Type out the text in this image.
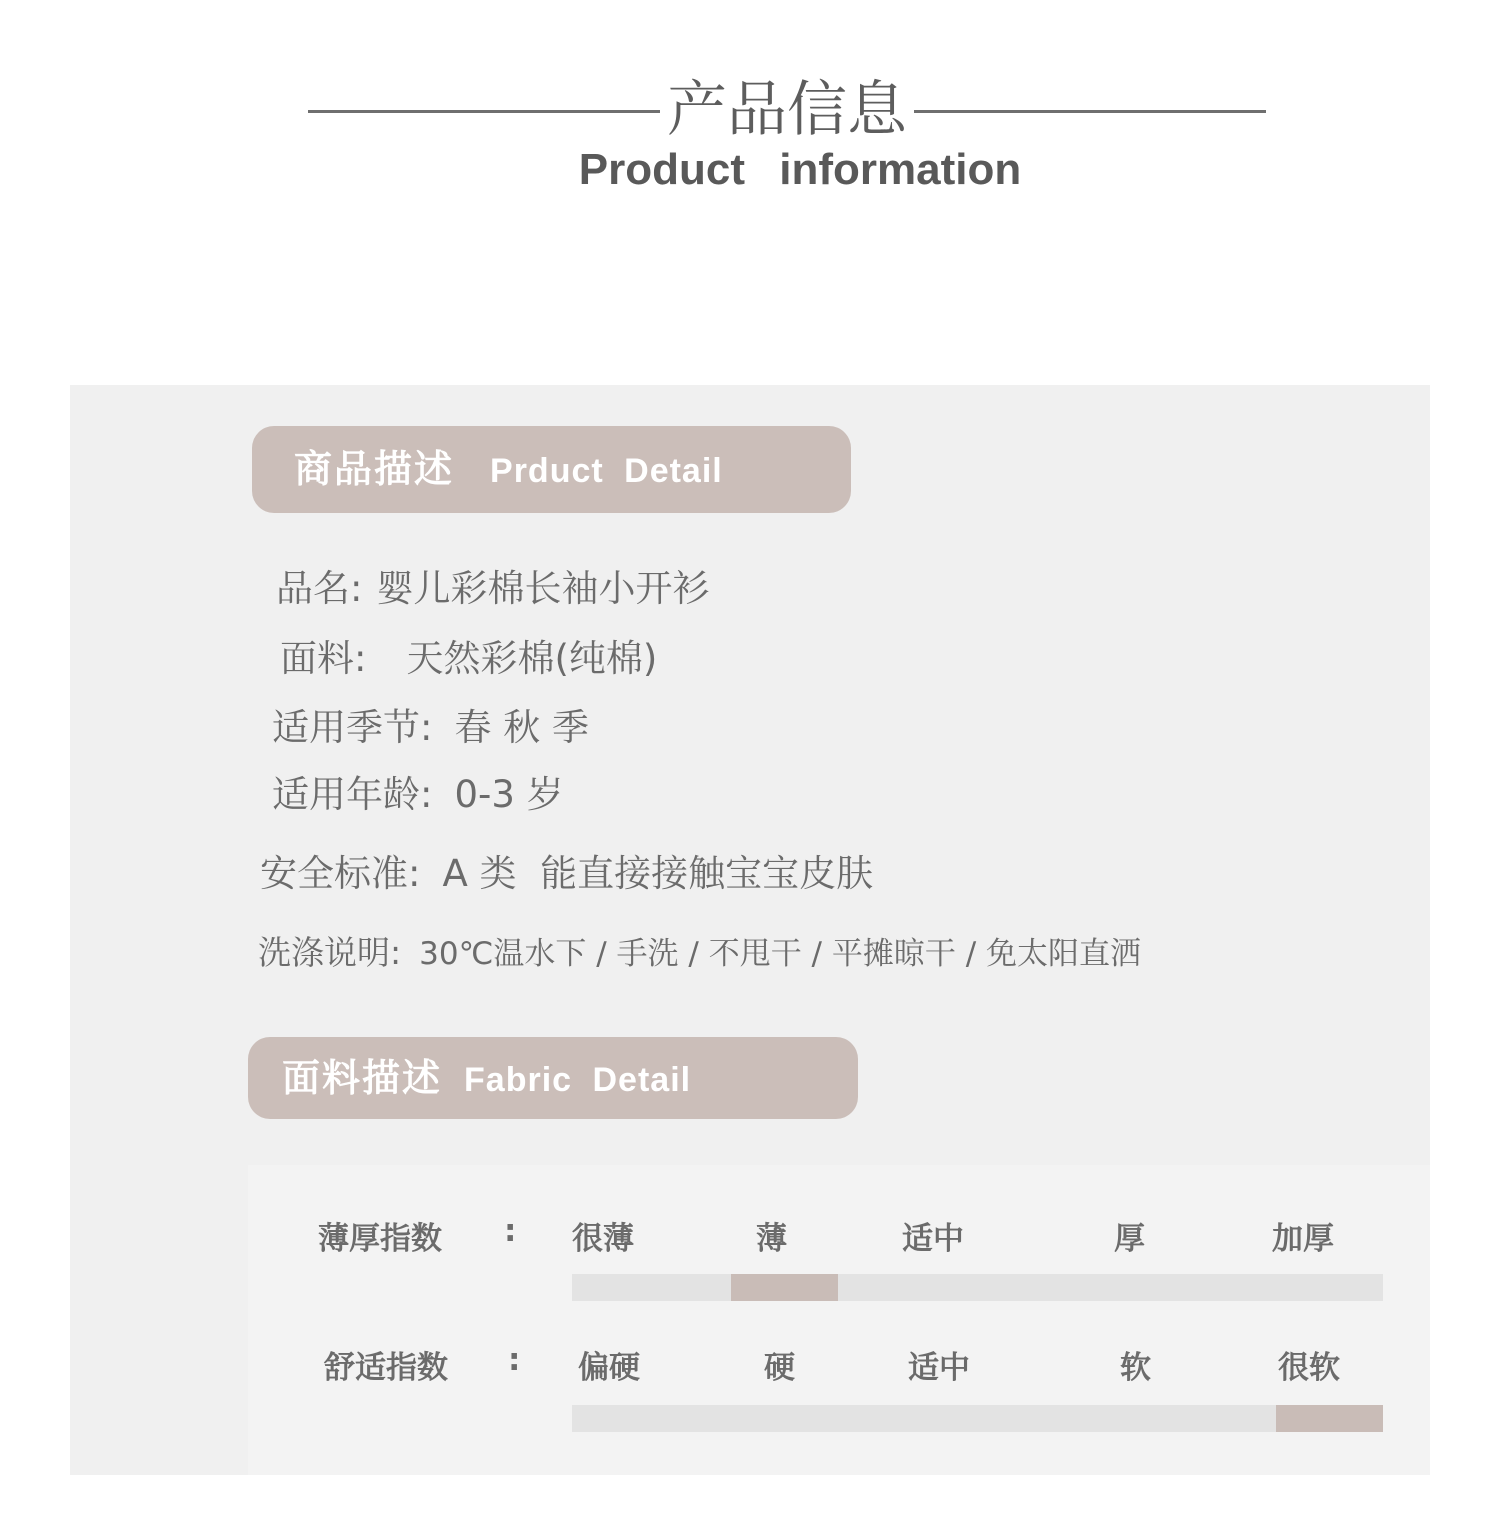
产品信息
Product information
商品描述 Prduct Detail
品名: 婴儿彩棉长袖小开衫
面料: 天然彩棉(纯棉)
适用季节: 春 秋 季
适用年龄: 0-3 岁
安全标准: A 类  能直接接触宝宝皮肤
洗涤说明: 30℃温水下 / 手洗 / 不甩干 / 平摊晾干 / 免太阳直洒
面料描述 Fabric Detail
薄厚指数 : 很薄	薄	适中	厚	加厚
舒适指数 : 偏硬	硬	适中	软	很软
